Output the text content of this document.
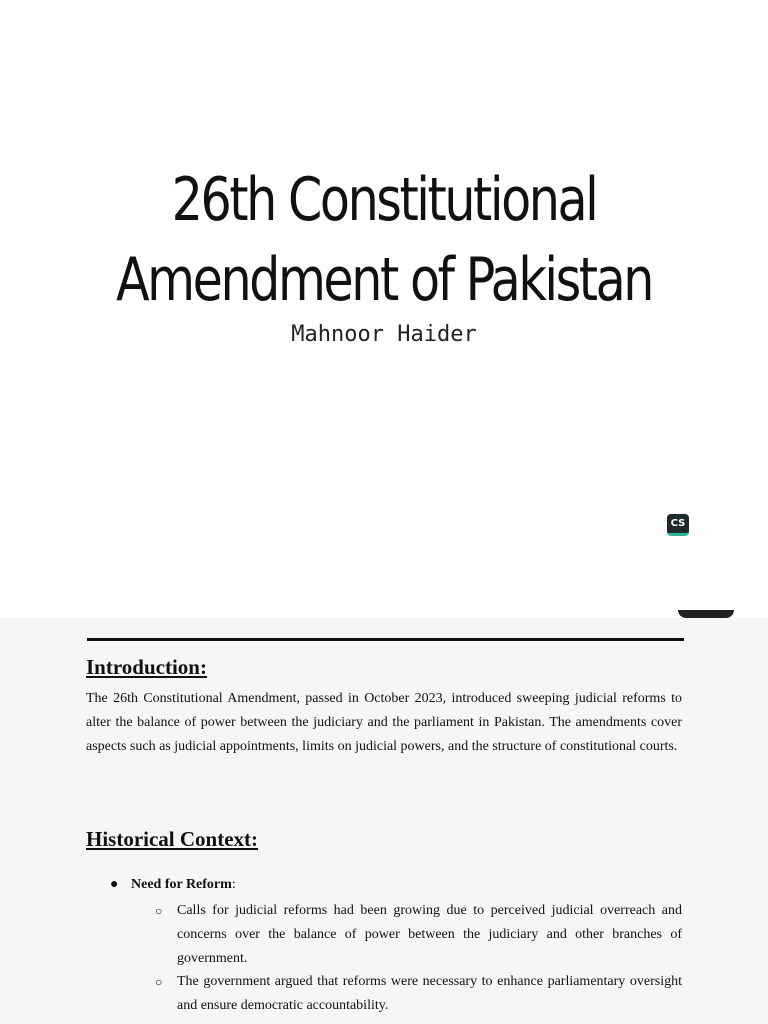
26th Constitutional
Amendment of Pakistan
Mahnoor Haider
CS
Introduction:

The 26th Constitutional Amendment, passed in October 2023, introduced sweeping judicial reforms to alter the balance of power between the judiciary and the parliament in Pakistan. The amendments cover aspects such as judicial appointments, limits on judicial powers, and the structure of constitutional courts.

Historical Context:
● Need for Reform:
○ Calls for judicial reforms had been growing due to perceived judicial overreach and concerns over the balance of power between the judiciary and other branches of government.
○ The government argued that reforms were necessary to enhance parliamentary oversight and ensure democratic accountability.
